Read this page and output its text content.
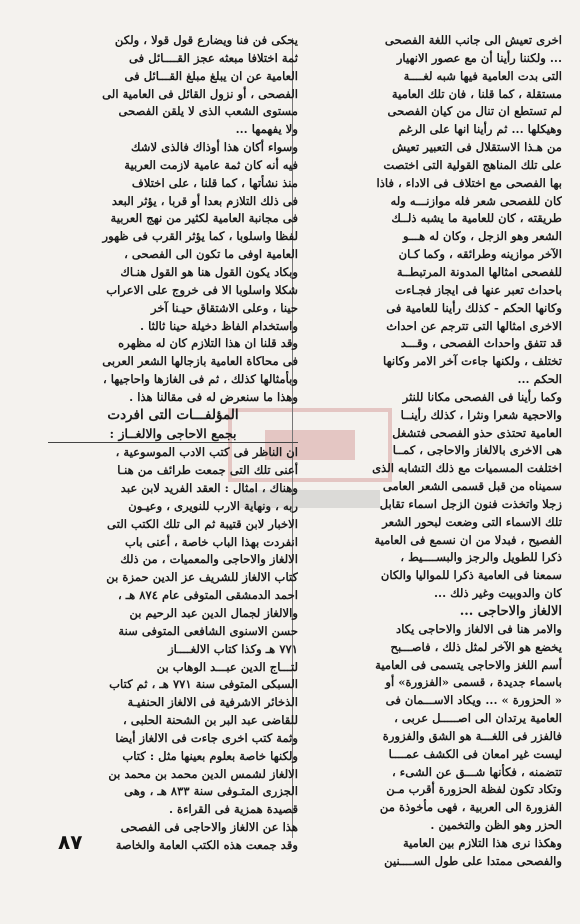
اخرى تعيش الى جانب اللغة الفصحى
... ولكننا رأينا أن مع عصور الانهيار
التى بدت العامية فيها شبه لغــــة
مستقلة ، كما قلنا ، فان تلك العامية
لم تستطع ان تنال من كيان الفصحى
وهيكلها ... ثم رأينا انها على الرغم
من هـذا الاستقلال فى التعبير تعيش
على تلك المناهج القولية التى اختصت
بها الفصحى مع اختلاف فى الاداء ، فاذا
كان للفصحى شعر فله موازنـــه وله
طريقته ، كان للعامية ما يشبه ذلــك
الشعر وهو الزجل ، وكان له هـــو
الآخر موازينه وطرائقه ، وكما كـان
للفصحى امثالها المدونة المرتبطــة
باحداث تعبر عنها فى ايجاز فجـاءت
وكانها الحكم - كذلك رأينا للعامية فى
الاخرى امثالها التى تترجم عن احداث
قد تتفق واحداث الفصحى ، وقـــد
تختلف ، ولكنها جاءت آخر الامر وكانها
الحكم ...
وكما رأينا فى الفصحى مكانا للنثر
والاحجية شعرا ونثرا ، كذلك رأينــا
العامية تحتذى حذو الفصحى فتشغل
هى الاخرى بالالغاز والاحاجى ، كمــا
اختلفت المسميات مع ذلك التشابه الذى
سميناه من قبل قسمى الشعر العامى
زجلا واتخذت فنون الزجل اسماء تقابل
تلك الاسماء التى وضعت لبحور الشعر
الفصيح ، فبدلا من ان نسمع فى العامية
ذكرا للطويل والرجز والبســــيط ،
سمعنا فى العامية ذكرا للمواليا والكان
كان والدوبيت وغير ذلك ...
الالغاز والاحاجى ...
والامر هنا فى الالغاز والاحاجى يكاد
يخضع هو الآخر لمثل ذلك ، فاصـــبح
أسم اللغز والاحاجى يتسمى فى العامية
باسماء جديدة ، قسمى «الفزورة» أو
« الحزورة » ... ويكاد الاســـمان فى
العامية يرتدان الى اصـــــل عربى ،
فالفزر فى اللغـــة هو الشق والفزورة
ليست غير امعان فى الكشف عمــــا
تتضمنه ، فكأنها شـــق عن الشىء ،
وتكاد تكون لفظة الحزورة أقرب مـن
الفزورة الى العربية ، فهى مأخوذة من
الحزر وهو الظن والتخمين .
وهكذا نرى هذا التلازم بين العامية
والفصحى ممتدا على طول الســــنين
يحكى فن فنا ويضارع قول قولا ، ولكن
ثمة اختلافا مبعثه عجز القــــائل فى
العامية عن ان يبلغ مبلغ القـــائل فى
الفصحى ، أو نزول القائل فى العامية الى
مستوى الشعب الذى لا يلقن الفصحى
ولا يفهمها ...
وسواء أكان هذا أوذاك فالذى لاشك
فيه أنه كان ثمة عامية لازمت العربية
منذ نشأتها ، كما قلنا ، على اختلاف
فى ذلك التلازم بعدا أو قربا ، يؤثر البعد
فى مجانبة العامية لكثير من نهج العربية
لفظا واسلوبا ، كما يؤثر القرب فى ظهور
العامية اوفى ما تكون الى الفصحى ،
وبكاد يكون القول هنا هو القول هنـاك
شكلا واسلوبا الا فى خروج على الاعراب
حينا ، وعلى الاشتقاق حيـنا آخر
واستخدام الفاظ دخيلة حينا ثالثا .
وقد قلنا ان هذا التلازم كان له مظهره
فى محاكاة العامية بازجالها الشعر العربى
وبأمثالها كذلك ، ثم فى الغازها واحاجيها ،
وهذا ما سنعرض له فى مقالنا هذا .
المؤلفـــات التى افردت
بجمع الاحاجى والالغــاز :
ان الناظر فى كتب الادب الموسوعية ،
أعنى تلك التى جمعت طرائف من هنـا
وهناك ، امثال : العقد الفريد لابن عبد
ربه ، ونهاية الارب للنويرى ، وعيـون
الاخبار لابن قتيبة ثم الى تلك الكتب التى
انفردت بهذا الباب خاصة ، أعنى باب
الالغاز والاحاجى والمعميات ، من ذلك
كتاب الالغاز للشريف عز الدين حمزة بن
احمد الدمشقى المتوفى عام ٨٧٤ هـ ،
والالغاز لجمال الدين عبد الرحيم بن
حسن الاسنوى الشافعى المتوفى سنة
٧٧١ هـ وكذا كتاب الالغــــاز
لتـــاج الدين عبـــد الوهاب بن
السبكى المتوفى سنة ٧٧١ هـ ، ثم كتاب
الذخائر الاشرفية فى الالغاز الحنفيـة
للقاضى عبد البر بن الشحنة الحلبى ،
وثمة كتب اخرى جاءت فى الالغاز أيضا
ولكنها خاصة بعلوم بعينها مثل : كتاب
الالغاز لشمس الدين محمد بن محمد بن
الجزرى المتـوفى سنة ٨٣٣ هـ ، وهى
قصيدة همزية فى القراءة .
هذا عن الالغاز والاحاجى فى الفصحى
وقد جمعت هذه الكتب العامة والخاصة
٨٧
